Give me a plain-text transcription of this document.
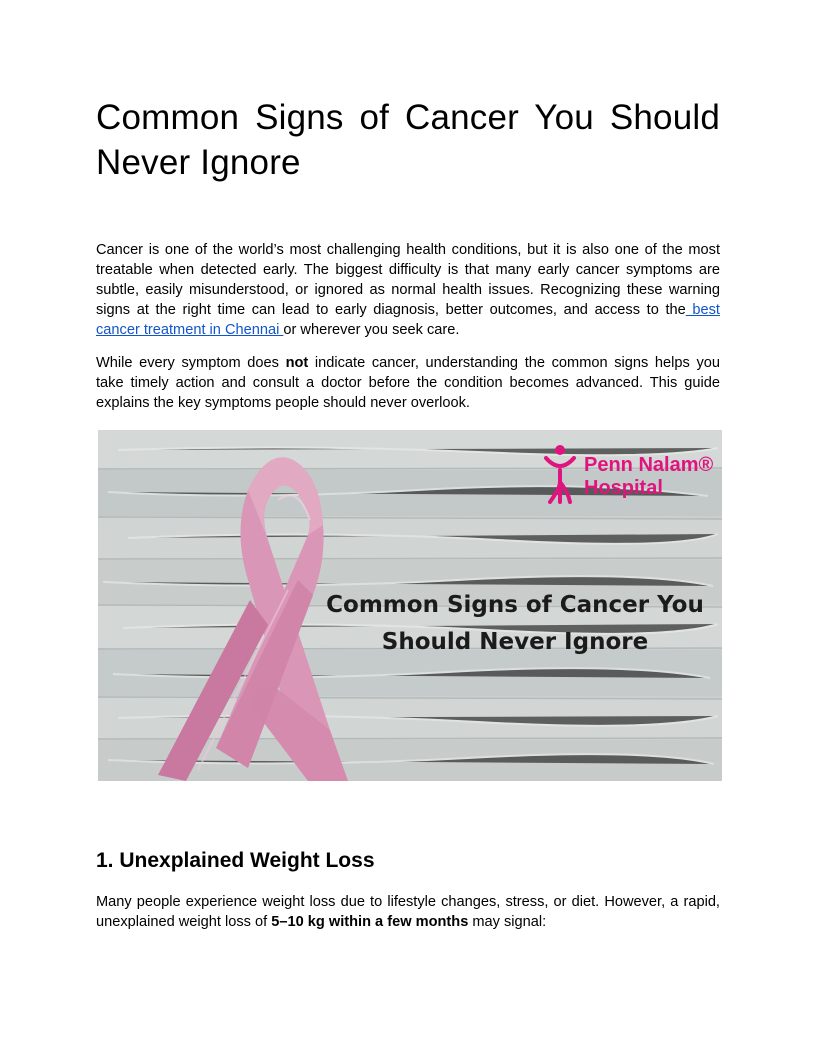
Common Signs of Cancer You Should Never Ignore

Cancer is one of the world’s most challenging health conditions, but it is also one of the most treatable when detected early. The biggest difficulty is that many early cancer symptoms are subtle, easily misunderstood, or ignored as normal health issues. Recognizing these warning signs at the right time can lead to early diagnosis, better outcomes, and access to the best cancer treatment in Chennai or wherever you seek care.

While every symptom does not indicate cancer, understanding the common signs helps you take timely action and consult a doctor before the condition becomes advanced. This guide explains the key symptoms people should never overlook.

Penn Nalam®
Hospital
Common Signs of Cancer You
Should Never Ignore
1. Unexplained Weight Loss

Many people experience weight loss due to lifestyle changes, stress, or diet. However, a rapid, unexplained weight loss of 5–10 kg within a few months may signal:
